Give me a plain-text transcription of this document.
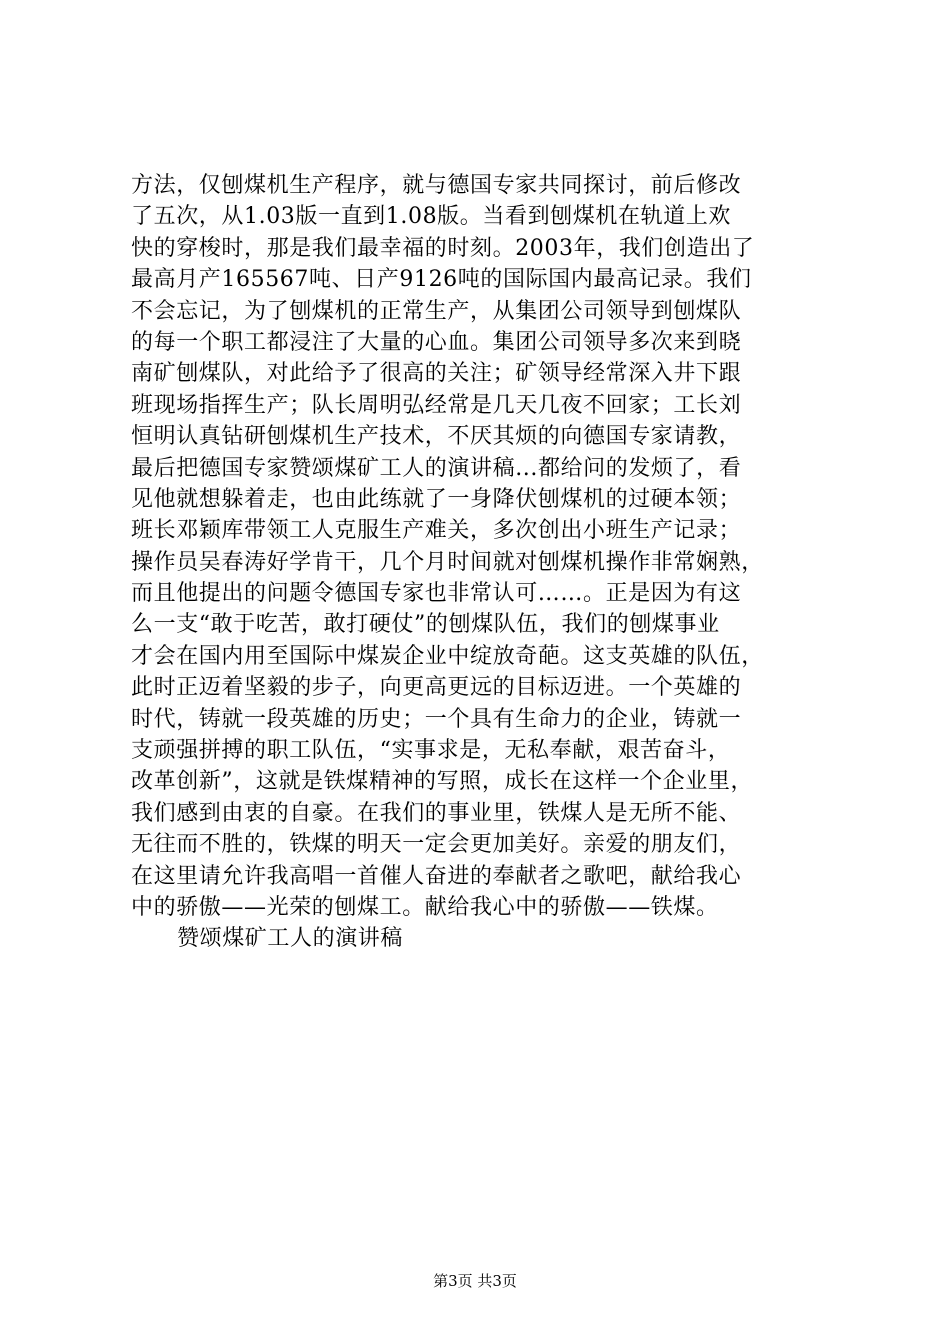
方法，仅刨煤机生产程序，就与德国专家共同探讨，前后修改
了五次，从1.03版一直到1.08版。当看到刨煤机在轨道上欢
快的穿梭时，那是我们最幸福的时刻。2003年，我们创造出了
最高月产165567吨、日产9126吨的国际国内最高记录。我们
不会忘记，为了刨煤机的正常生产，从集团公司领导到刨煤队
的每一个职工都浸注了大量的心血。集团公司领导多次来到晓
南矿刨煤队，对此给予了很高的关注；矿领导经常深入井下跟
班现场指挥生产；队长周明弘经常是几天几夜不回家；工长刘
恒明认真钻研刨煤机生产技术，不厌其烦的向德国专家请教，
最后把德国专家赞颂煤矿工人的演讲稿...都给问的发烦了，看
见他就想躲着走，也由此练就了一身降伏刨煤机的过硬本领；
班长邓颖库带领工人克服生产难关，多次创出小班生产记录；
操作员吴春涛好学肯干，几个月时间就对刨煤机操作非常娴熟，
而且他提出的问题令德国专家也非常认可……。正是因为有这
么一支“敢于吃苦，敢打硬仗”的刨煤队伍，我们的刨煤事业
才会在国内用至国际中煤炭企业中绽放奇葩。这支英雄的队伍，
此时正迈着坚毅的步子，向更高更远的目标迈进。一个英雄的
时代，铸就一段英雄的历史；一个具有生命力的企业，铸就一
支顽强拼搏的职工队伍，“实事求是，无私奉献，艰苦奋斗，
改革创新”，这就是铁煤精神的写照，成长在这样一个企业里，
我们感到由衷的自豪。在我们的事业里，铁煤人是无所不能、
无往而不胜的，铁煤的明天一定会更加美好。亲爱的朋友们，
在这里请允许我高唱一首催人奋进的奉献者之歌吧，献给我心
中的骄傲——光荣的刨煤工。献给我心中的骄傲——铁煤。
赞颂煤矿工人的演讲稿
第3页 共3页
